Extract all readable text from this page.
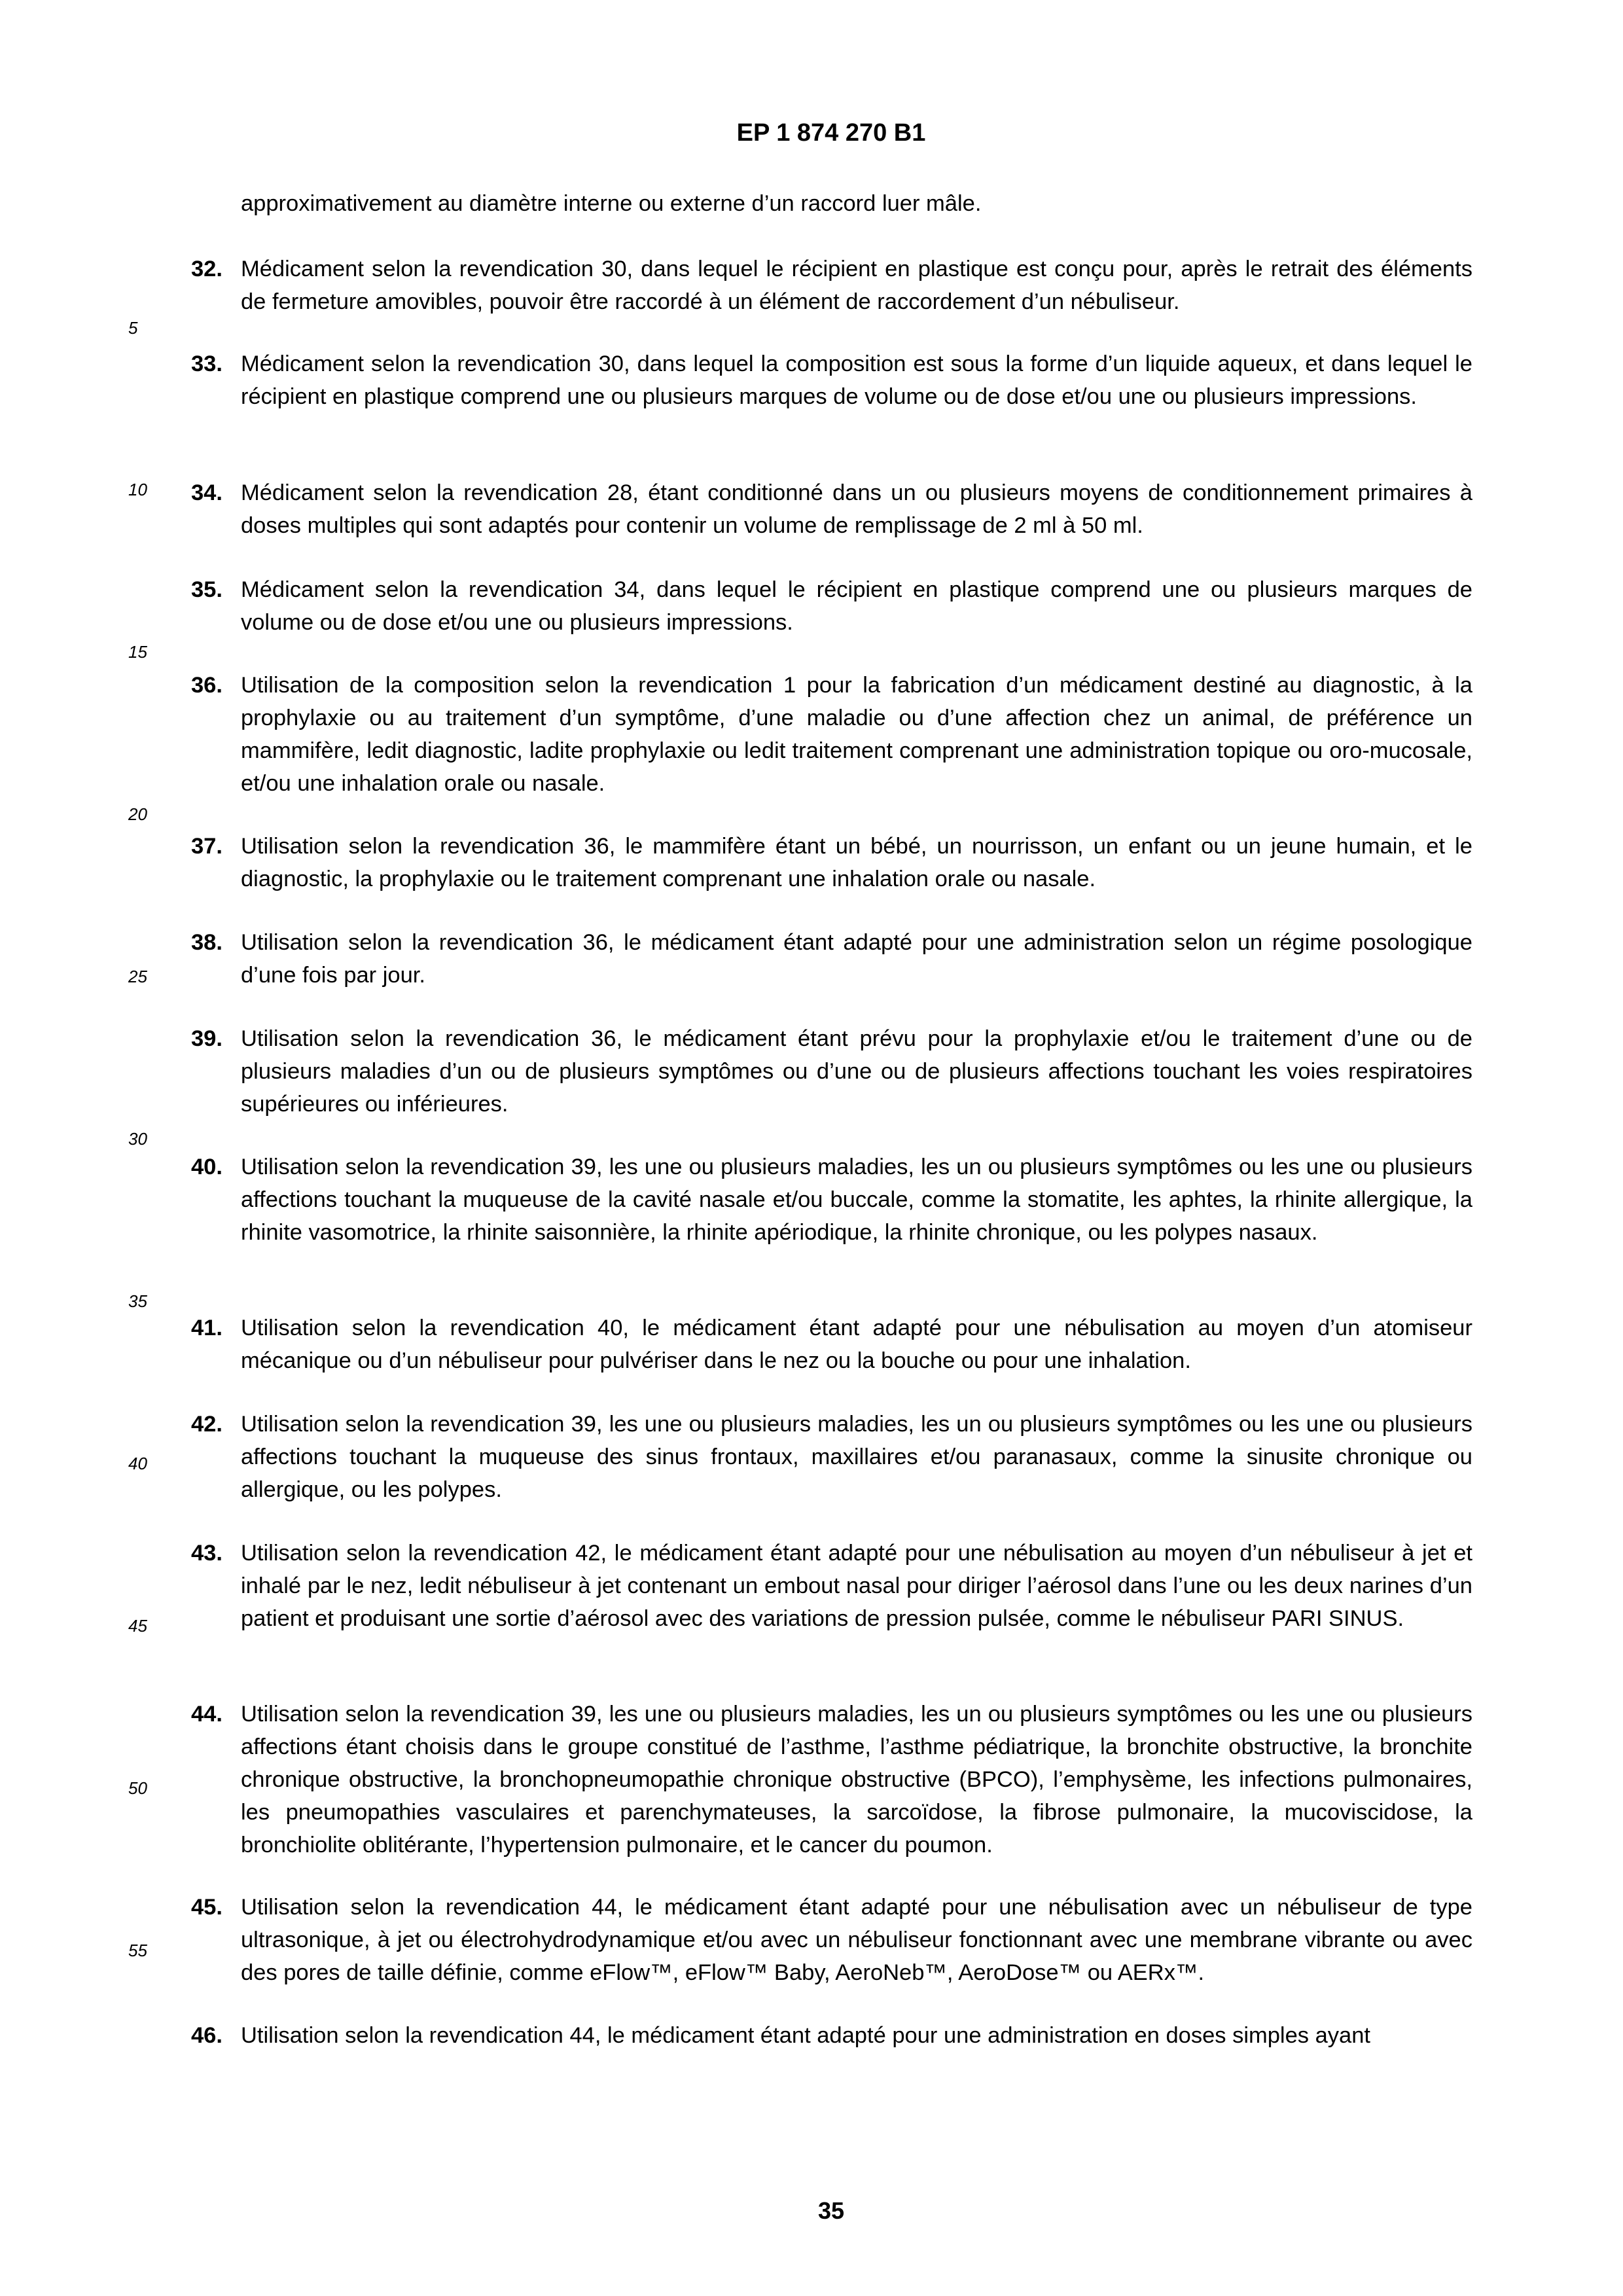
EP 1 874 270 B1
5
10
15
20
25
30
35
40
45
50
55
approximativement au diamètre interne ou externe d’un raccord luer mâle.
32. Médicament selon la revendication 30, dans lequel le récipient en plastique est conçu pour, après le retrait des éléments de fermeture amovibles, pouvoir être raccordé à un élément de raccordement d’un nébuliseur.
33. Médicament selon la revendication 30, dans lequel la composition est sous la forme d’un liquide aqueux, et dans lequel le récipient en plastique comprend une ou plusieurs marques de volume ou de dose et/ou une ou plusieurs impressions.
34. Médicament selon la revendication 28, étant conditionné dans un ou plusieurs moyens de conditionnement primaires à doses multiples qui sont adaptés pour contenir un volume de remplissage de 2 ml à 50 ml.
35. Médicament selon la revendication 34, dans lequel le récipient en plastique comprend une ou plusieurs marques de volume ou de dose et/ou une ou plusieurs impressions.
36. Utilisation de la composition selon la revendication 1 pour la fabrication d’un médicament destiné au diagnostic, à la prophylaxie ou au traitement d’un symptôme, d’une maladie ou d’une affection chez un animal, de préférence un mammifère, ledit diagnostic, ladite prophylaxie ou ledit traitement comprenant une administration topique ou oro-mucosale, et/ou une inhalation orale ou nasale.
37. Utilisation selon la revendication 36, le mammifère étant un bébé, un nourrisson, un enfant ou un jeune humain, et le diagnostic, la prophylaxie ou le traitement comprenant une inhalation orale ou nasale.
38. Utilisation selon la revendication 36, le médicament étant adapté pour une administration selon un régime posologique d’une fois par jour.
39. Utilisation selon la revendication 36, le médicament étant prévu pour la prophylaxie et/ou le traitement d’une ou de plusieurs maladies d’un ou de plusieurs symptômes ou d’une ou de plusieurs affections touchant les voies respiratoires supérieures ou inférieures.
40. Utilisation selon la revendication 39, les une ou plusieurs maladies, les un ou plusieurs symptômes ou les une ou plusieurs affections touchant la muqueuse de la cavité nasale et/ou buccale, comme la stomatite, les aphtes, la rhinite allergique, la rhinite vasomotrice, la rhinite saisonnière, la rhinite apériodique, la rhinite chronique, ou les polypes nasaux.
41. Utilisation selon la revendication 40, le médicament étant adapté pour une nébulisation au moyen d’un atomiseur mécanique ou d’un nébuliseur pour pulvériser dans le nez ou la bouche ou pour une inhalation.
42. Utilisation selon la revendication 39, les une ou plusieurs maladies, les un ou plusieurs symptômes ou les une ou plusieurs affections touchant la muqueuse des sinus frontaux, maxillaires et/ou paranasaux, comme la sinusite chronique ou allergique, ou les polypes.
43. Utilisation selon la revendication 42, le médicament étant adapté pour une nébulisation au moyen d’un nébuliseur à jet et inhalé par le nez, ledit nébuliseur à jet contenant un embout nasal pour diriger l’aérosol dans l’une ou les deux narines d’un patient et produisant une sortie d’aérosol avec des variations de pression pulsée, comme le nébuliseur PARI SINUS.
44. Utilisation selon la revendication 39, les une ou plusieurs maladies, les un ou plusieurs symptômes ou les une ou plusieurs affections étant choisis dans le groupe constitué de l’asthme, l’asthme pédiatrique, la bronchite obstructive, la bronchite chronique obstructive, la bronchopneumopathie chronique obstructive (BPCO), l’emphysème, les infections pulmonaires, les pneumopathies vasculaires et parenchymateuses, la sarcoïdose, la fibrose pulmonaire, la mucoviscidose, la bronchiolite oblitérante, l’hypertension pulmonaire, et le cancer du poumon.
45. Utilisation selon la revendication 44, le médicament étant adapté pour une nébulisation avec un nébuliseur de type ultrasonique, à jet ou électrohydrodynamique et/ou avec un nébuliseur fonctionnant avec une membrane vibrante ou avec des pores de taille définie, comme eFlow™, eFlow™ Baby, AeroNeb™, AeroDose™ ou AERx™.
46. Utilisation selon la revendication 44, le médicament étant adapté pour une administration en doses simples ayant
35
